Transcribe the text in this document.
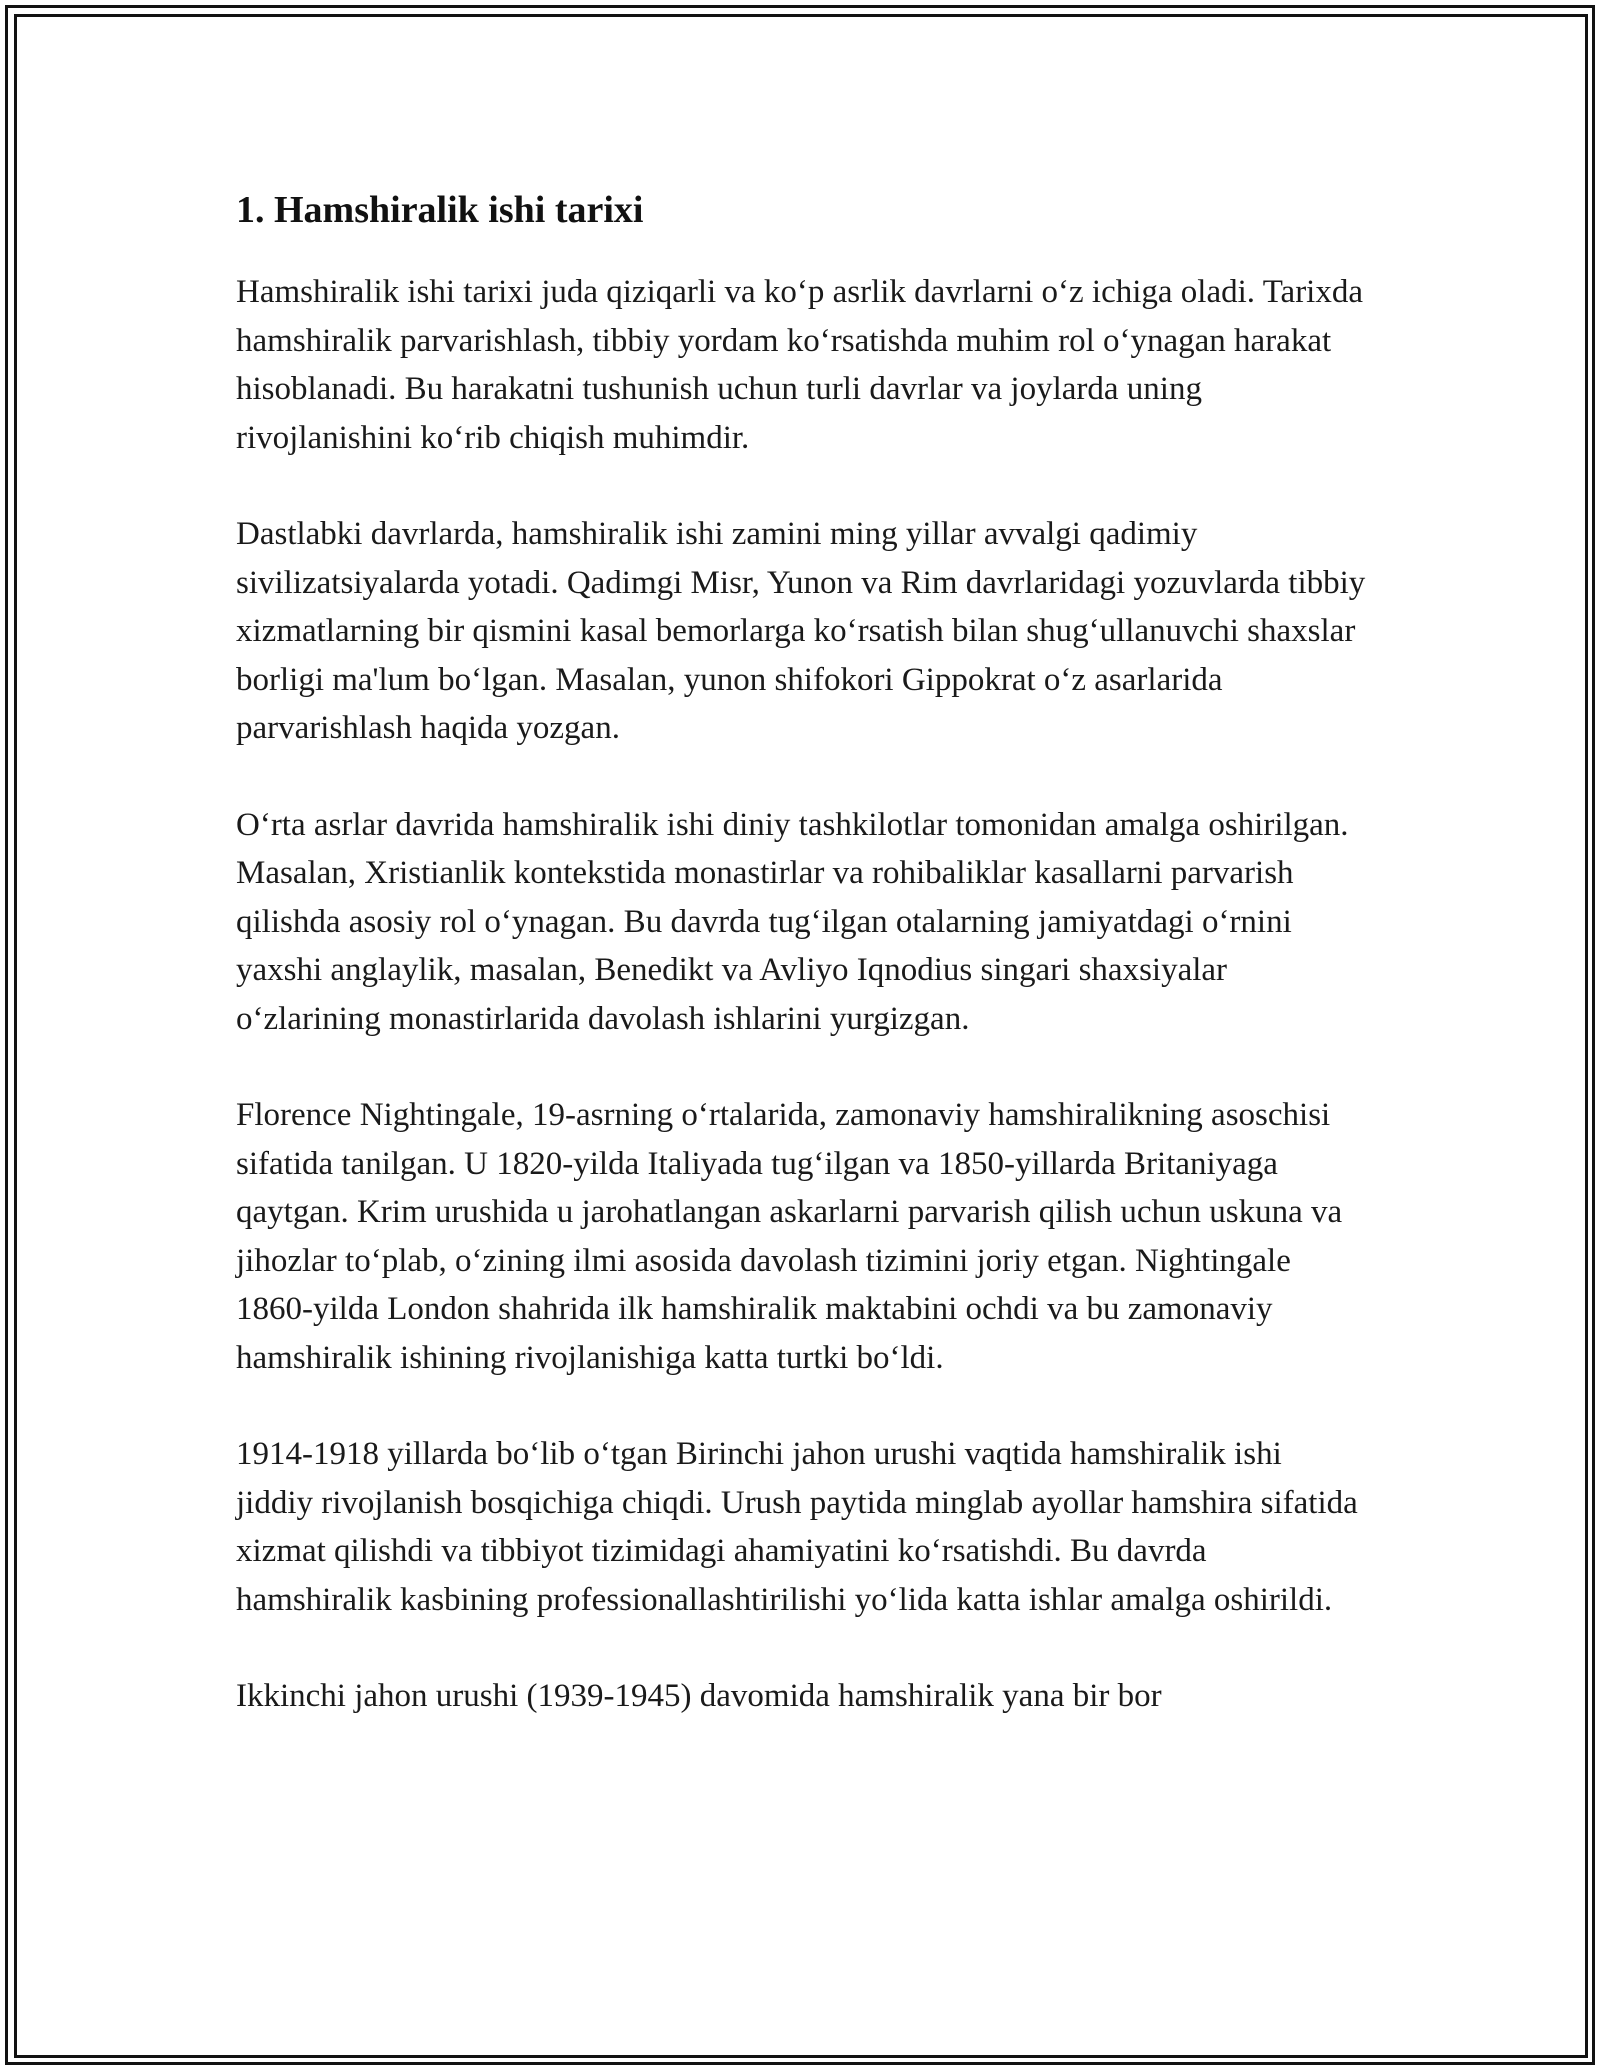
1. Hamshiralik ishi tarixi

Hamshiralik ishi tarixi juda qiziqarli va ko‘p asrlik davrlarni o‘z ichiga oladi. Tarixda hamshiralik parvarishlash, tibbiy yordam ko‘rsatishda muhim rol o‘ynagan harakat hisoblanadi. Bu harakatni tushunish uchun turli davrlar va joylarda uning rivojlanishini ko‘rib chiqish muhimdir.

Dastlabki davrlarda, hamshiralik ishi zamini ming yillar avvalgi qadimiy sivilizatsiyalarda yotadi. Qadimgi Misr, Yunon va Rim davrlaridagi yozuvlarda tibbiy xizmatlarning bir qismini kasal bemorlarga ko‘rsatish bilan shug‘ullanuvchi shaxslar borligi ma'lum bo‘lgan. Masalan, yunon shifokori Gippokrat o‘z asarlarida parvarishlash haqida yozgan.

O‘rta asrlar davrida hamshiralik ishi diniy tashkilotlar tomonidan amalga oshirilgan. Masalan, Xristianlik kontekstida monastirlar va rohibaliklar kasallarni parvarish qilishda asosiy rol o‘ynagan. Bu davrda tug‘ilgan otalarning jamiyatdagi o‘rnini yaxshi anglaylik, masalan, Benedikt va Avliyo Iqnodius singari shaxsiyalar o‘zlarining monastirlarida davolash ishlarini yurgizgan.

Florence Nightingale, 19-asrning o‘rtalarida, zamonaviy hamshiralikning asoschisi sifatida tanilgan. U 1820-yilda Italiyada tug‘ilgan va 1850-yillarda Britaniyaga qaytgan. Krim urushida u jarohatlangan askarlarni parvarish qilish uchun uskuna va jihozlar to‘plab, o‘zining ilmi asosida davolash tizimini joriy etgan. Nightingale 1860-yilda London shahrida ilk hamshiralik maktabini ochdi va bu zamonaviy hamshiralik ishining rivojlanishiga katta turtki bo‘ldi.

1914-1918 yillarda bo‘lib o‘tgan Birinchi jahon urushi vaqtida hamshiralik ishi jiddiy rivojlanish bosqichiga chiqdi. Urush paytida minglab ayollar hamshira sifatida xizmat qilishdi va tibbiyot tizimidagi ahamiyatini ko‘rsatishdi. Bu davrda hamshiralik kasbining professionallashtirilishi yo‘lida katta ishlar amalga oshirildi.

Ikkinchi jahon urushi (1939-1945) davomida hamshiralik yana bir bor
